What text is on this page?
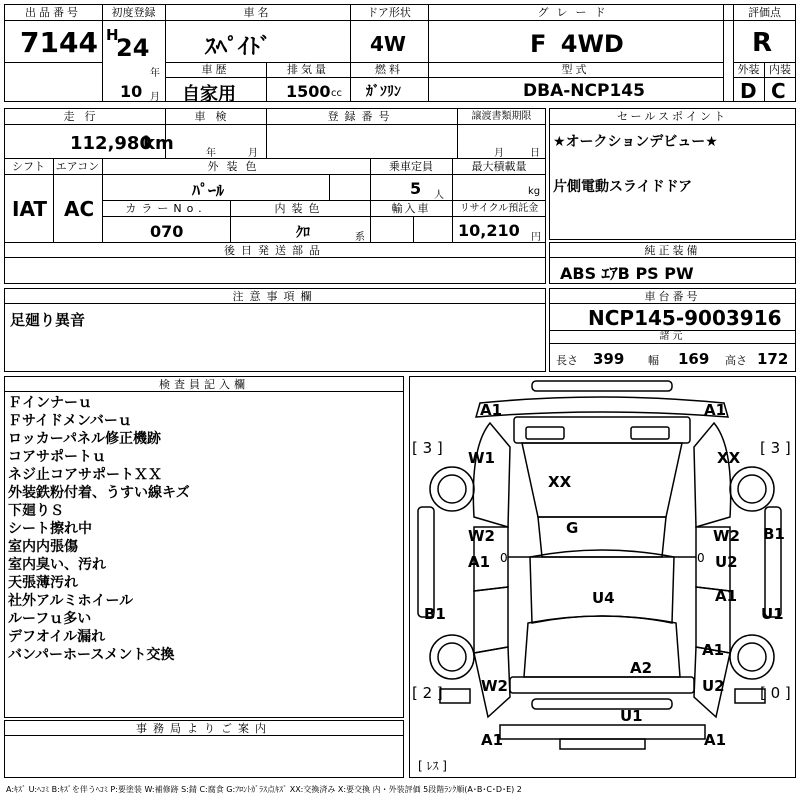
出品番号
7144
初度登録
H
24
年
10 月
車名
ｽﾍﾟｲﾄﾞ
ドア形状
4W
グレード
F 4WD
評価点
R
車歴
自家用
排気量
1500 cc
燃料
ｶﾞｿﾘﾝ
型式
DBA-NCP145
外装 内装
D C
走行
112,980
km
車検
年	月
登録番号	譲渡書類期限
月	日
シフト
IAT
エアコン
AC
外装色
ﾊﾟｰﾙ
乗車定員
5 人
最大積載量
kg
カラーNo.
070
内装色
ｸﾛ	系
輸入車	リサイクル預託金
10,210 円
後日発送部品
セールスポイント
★オークションデビュー★
片側電動スライドドア
純正装備
ABS ｴｱB PS PW
注意事項欄
足廻り異音
車台番号
NCP145-9003916
諸元
長さ 399 幅 169 高さ 172
検査員記入欄
Ｆインナーｕ
Ｆサイドメンバーｕ
ロッカーパネル修正機跡
コアサポートｕ
ネジ止コアサポートＸＸ
外装鉄粉付着、うすい線キズ
下廻りＳ
シート擦れ中
室内内張傷
室内臭い、汚れ
天張薄汚れ
社外アルミホイール
ルーフｕ多い
デフオイル漏れ
バンパーホースメント交換
事務局よりご案内
A1	A1
[ 3 ]	[ 3 ]
W1	XX
XX
G
W2	W2 B1
A1 0	0 U2
U4	A1
B1	U1
A1
A2
W2	U2
[ 2 ]	[ 0 ]
U1
A1	A1
[ ﾚｽ ]
A:ｷｽﾞ U:ﾍｺﾐ B:ｷｽﾞを伴うﾍｺﾐ P:要塗装 W:補修跡 S:錆 C:腐食 G:ﾌﾛﾝﾄｶﾞﾗｽ点ｷｽﾞ XX:交換済み X:要交換 内・外装評価 5段階ﾗﾝｸ順(A･B･C･D･E) 2
